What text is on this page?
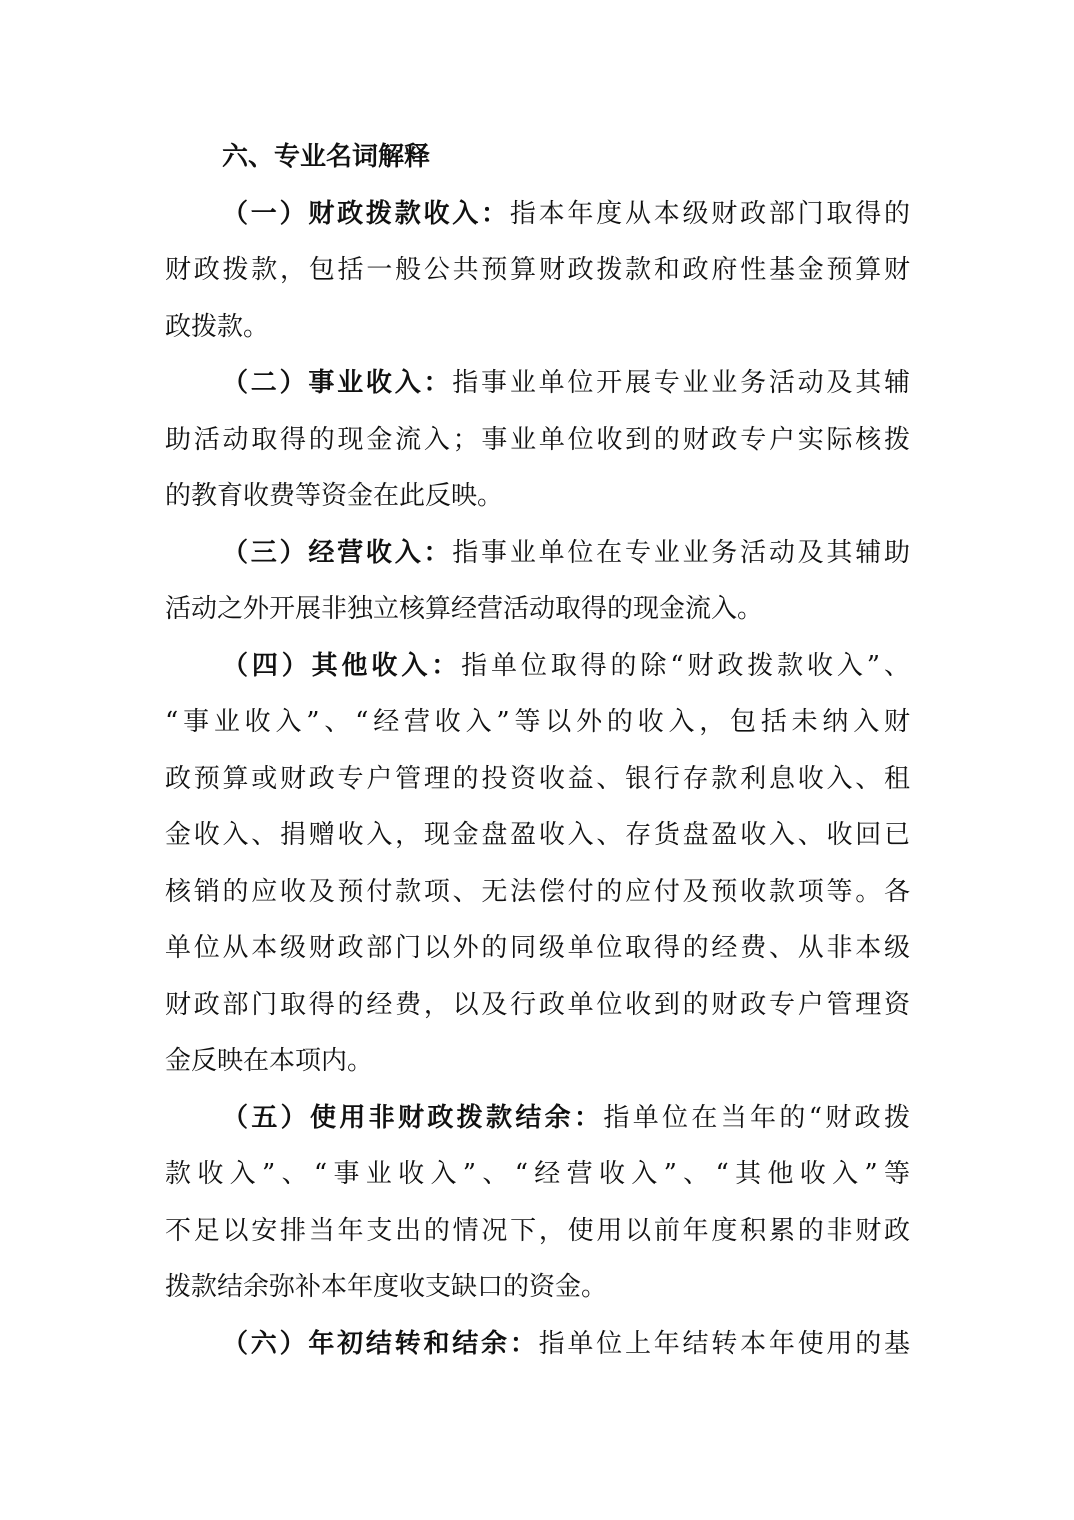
六、专业名词解释
（一）财政拨款收入：指本年度从本级财政部门取得的
财政拨款，包括一般公共预算财政拨款和政府性基金预算财
政拨款。
（二）事业收入：指事业单位开展专业业务活动及其辅
助活动取得的现金流入；事业单位收到的财政专户实际核拨
的教育收费等资金在此反映。
（三）经营收入：指事业单位在专业业务活动及其辅助
活动之外开展非独立核算经营活动取得的现金流入。
（四）其他收入：指单位取得的除“财政拨款收入”、
“事业收入”、“经营收入”等以外的收入，包括未纳入财
政预算或财政专户管理的投资收益、银行存款利息收入、租
金收入、捐赠收入，现金盘盈收入、存货盘盈收入、收回已
核销的应收及预付款项、无法偿付的应付及预收款项等。各
单位从本级财政部门以外的同级单位取得的经费、从非本级
财政部门取得的经费，以及行政单位收到的财政专户管理资
金反映在本项内。
（五）使用非财政拨款结余：指单位在当年的“财政拨
款收入”、“事业收入”、“经营收入”、“其他收入”等
不足以安排当年支出的情况下，使用以前年度积累的非财政
拨款结余弥补本年度收支缺口的资金。
（六）年初结转和结余：指单位上年结转本年使用的基
